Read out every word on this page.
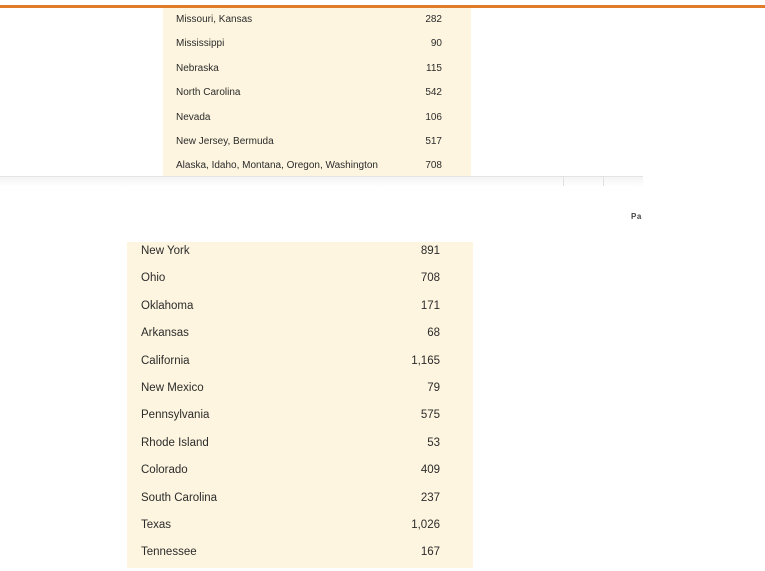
Missouri, Kansas	282
Mississippi	90
Nebraska	115
North Carolina	542
Nevada	106
New Jersey, Bermuda	517
Alaska, Idaho, Montana, Oregon, Washington	708
Pa
New York	891
Ohio	708
Oklahoma	171
Arkansas	68
California	1,165
New Mexico	79
Pennsylvania	575
Rhode Island	53
Colorado	409
South Carolina	237
Texas	1,026
Tennessee	167
